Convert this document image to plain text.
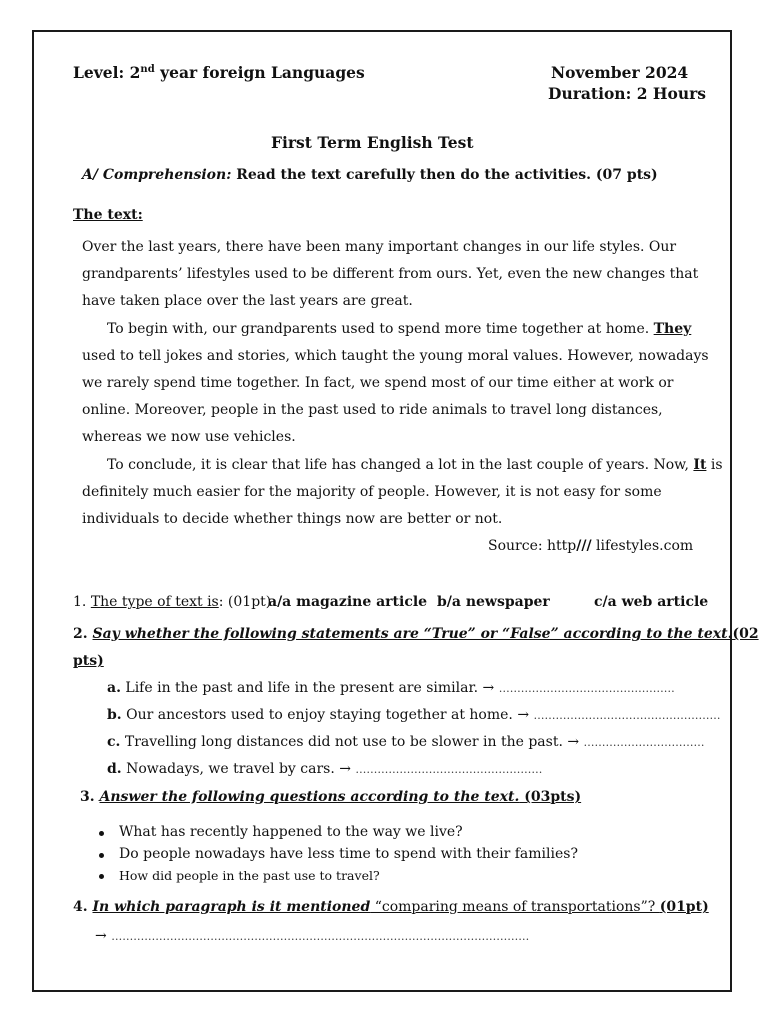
Level: 2nd year foreign Languages	November 2024
Duration: 2 Hours
First Term English Test
A/ Comprehension: Read the text carefully then do the activities. (07 pts)
The text:
Over the last years, there have been many important changes in our life styles. Our
grandparents’ lifestyles used to be different from ours. Yet, even the new changes that
have taken place over the last years are great.
To begin with, our grandparents used to spend more time together at home. They
used to tell jokes and stories, which taught the young moral values. However, nowadays
we rarely spend time together. In fact, we spend most of our time either at work or
online. Moreover, people in the past used to ride animals to travel long distances,
whereas we now use vehicles.
To conclude, it is clear that life has changed a lot in the last couple of years. Now, It is
definitely much easier for the majority of people. However, it is not easy for some
individuals to decide whether things now are better or not.
Source: http/// lifestyles.com
1. The type of text is: (01pt)
a/a magazine article b/a newspaper	c/a web article
2. Say whether the following statements are “True” or “False” according to the text.(02
pts)
a. Life in the past and life in the present are similar. → …………………………………………
b. Our ancestors used to enjoy staying together at home. → ……………………………………………
c. Travelling long distances did not use to be slower in the past. → ……………………………
d. Nowadays, we travel by cars. → ……………………………………………
3. Answer the following questions according to the text. (03pts)
What has recently happened to the way we live?
Do people nowadays have less time to spend with their families?
How did people in the past use to travel?
4. In which paragraph is it mentioned “comparing means of transportations”? (01pt)
→ ……………………………………………………………………………………………………
